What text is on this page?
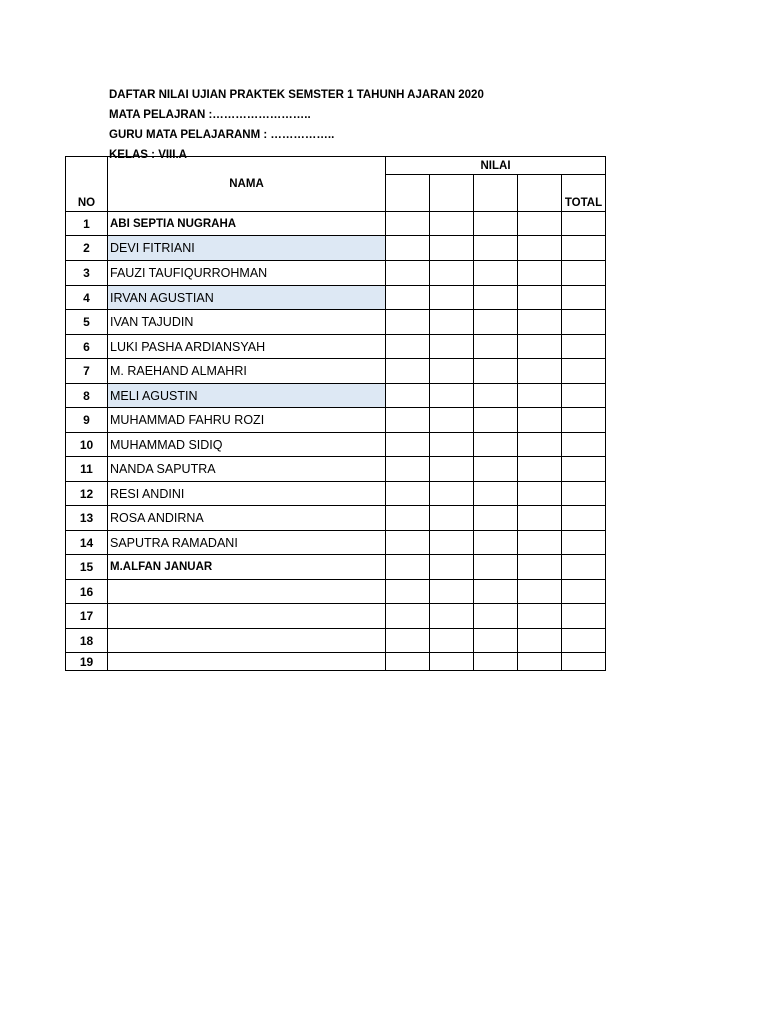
DAFTAR NILAI UJIAN PRAKTEK SEMSTER 1 TAHUNH AJARAN 2020
MATA PELAJRAN :……………………..
GURU MATA PELAJARANM : ……………..
KELAS : VIII.A
NO	NAMA	NILAI				
						TOTAL
1	ABI SEPTIA NUGRAHA					
2	DEVI FITRIANI					
3	FAUZI TAUFIQURROHMAN					
4	IRVAN AGUSTIAN					
5	IVAN TAJUDIN					
6	LUKI PASHA ARDIANSYAH					
7	M. RAEHAND ALMAHRI					
8	MELI AGUSTIN					
9	MUHAMMAD FAHRU ROZI					
10	MUHAMMAD SIDIQ					
11	NANDA SAPUTRA					
12	RESI ANDINI					
13	ROSA ANDIRNA					
14	SAPUTRA RAMADANI					
15	M.ALFAN JANUAR					
16						
17						
18						
19						
